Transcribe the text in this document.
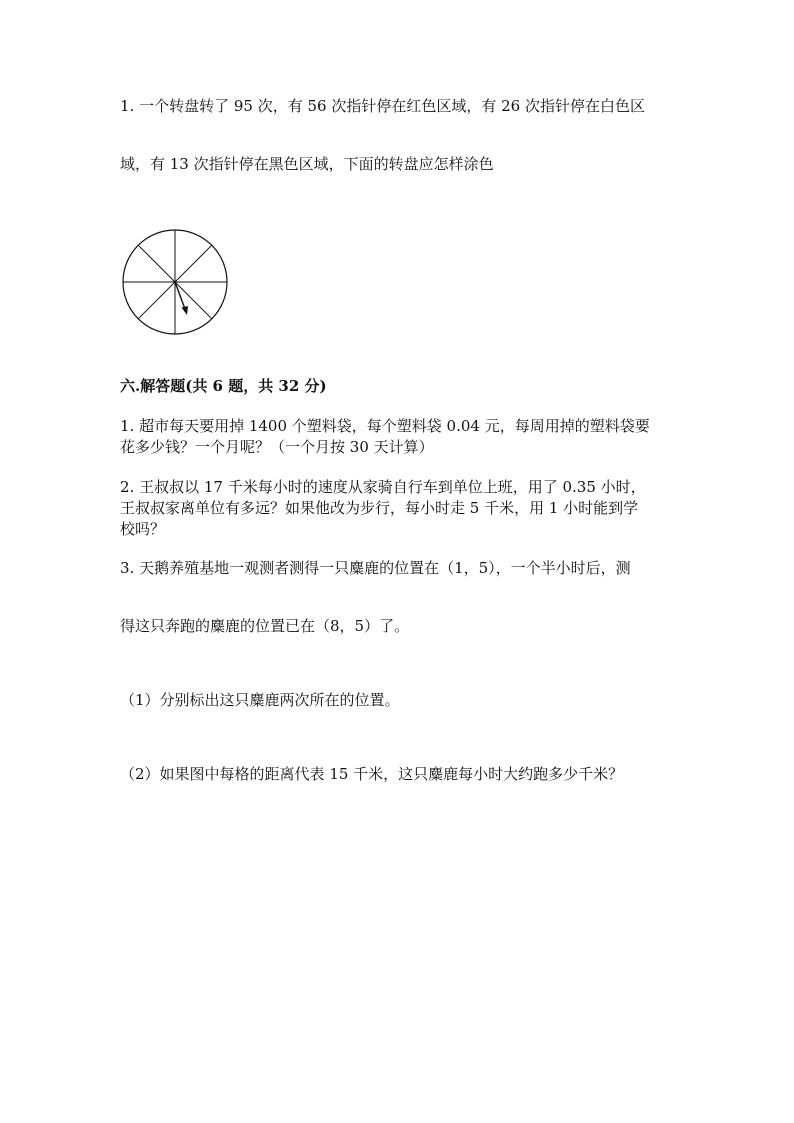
1. 一个转盘转了 95 次，有 56 次指针停在红色区域，有 26 次指针停在白色区
域，有 13 次指针停在黑色区域，下面的转盘应怎样涂色
六.解答题(共 6 题，共 32 分)
1. 超市每天要用掉 1400 个塑料袋，每个塑料袋 0.04 元，每周用掉的塑料袋要
花多少钱？一个月呢？（一个月按 30 天计算）
2. 王叔叔以 17 千米每小时的速度从家骑自行车到单位上班，用了 0.35 小时，
王叔叔家离单位有多远？如果他改为步行，每小时走 5 千米，用 1 小时能到学
校吗？
3. 天鹅养殖基地一观测者测得一只麋鹿的位置在（1，5），一个半小时后，测
得这只奔跑的麋鹿的位置已在（8，5）了。
（1）分别标出这只麋鹿两次所在的位置。
（2）如果图中每格的距离代表 15 千米，这只麋鹿每小时大约跑多少千米？
